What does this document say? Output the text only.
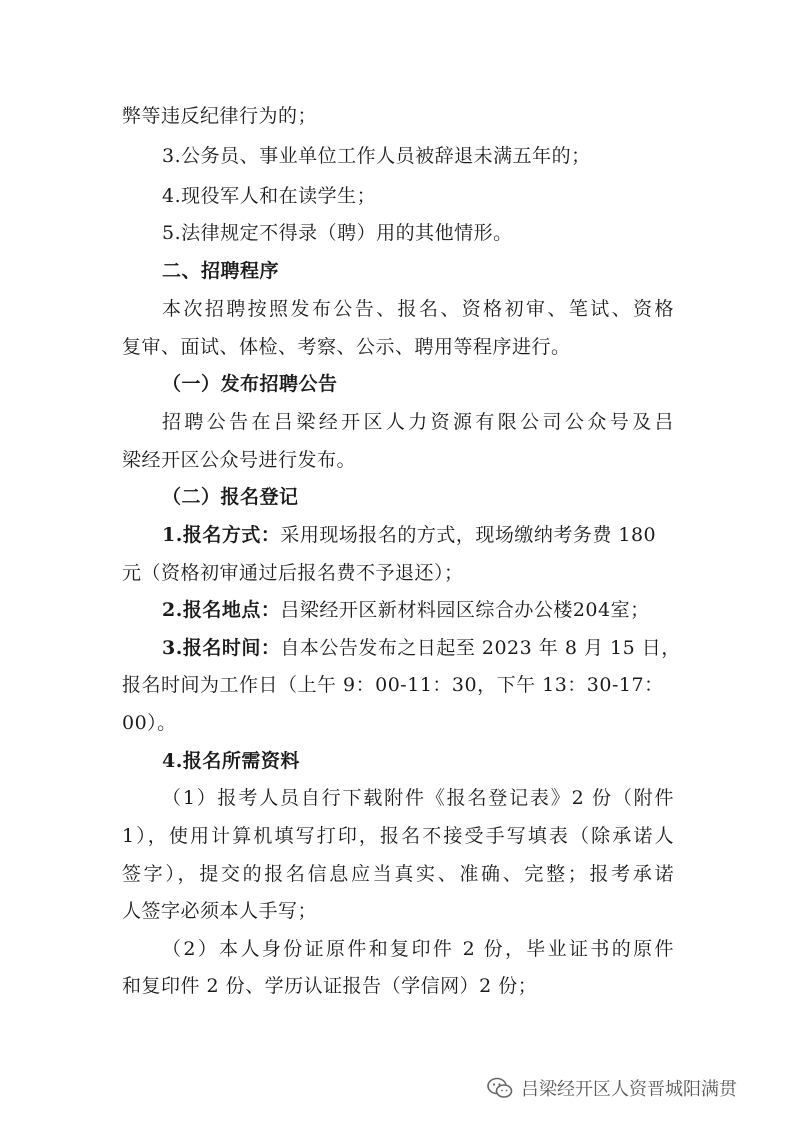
弊等违反纪律行为的；
3.公务员、事业单位工作人员被辞退未满五年的；
4.现役军人和在读学生；
5.法律规定不得录（聘）用的其他情形。
二、招聘程序
本次招聘按照发布公告、报名、资格初审、笔试、资格
复审、面试、体检、考察、公示、聘用等程序进行。
（一）发布招聘公告
招聘公告在吕梁经开区人力资源有限公司公众号及吕
梁经开区公众号进行发布。
（二）报名登记
1.报名方式：采用现场报名的方式，现场缴纳考务费 180
元（资格初审通过后报名费不予退还）；
2.报名地点：吕梁经开区新材料园区综合办公楼204室；
3.报名时间：自本公告发布之日起至 2023 年 8 月 15 日，
报名时间为工作日（上午 9：00-11：30，下午 13：30-17：
00）。
4.报名所需资料
（1）报考人员自行下载附件《报名登记表》2 份（附件
1），使用计算机填写打印，报名不接受手写填表（除承诺人
签字），提交的报名信息应当真实、准确、完整；报考承诺
人签字必须本人手写；
（2）本人身份证原件和复印件 2 份，毕业证书的原件
和复印件 2 份、学历认证报告（学信网）2 份；
吕梁经开区人资晋城阳满贯
